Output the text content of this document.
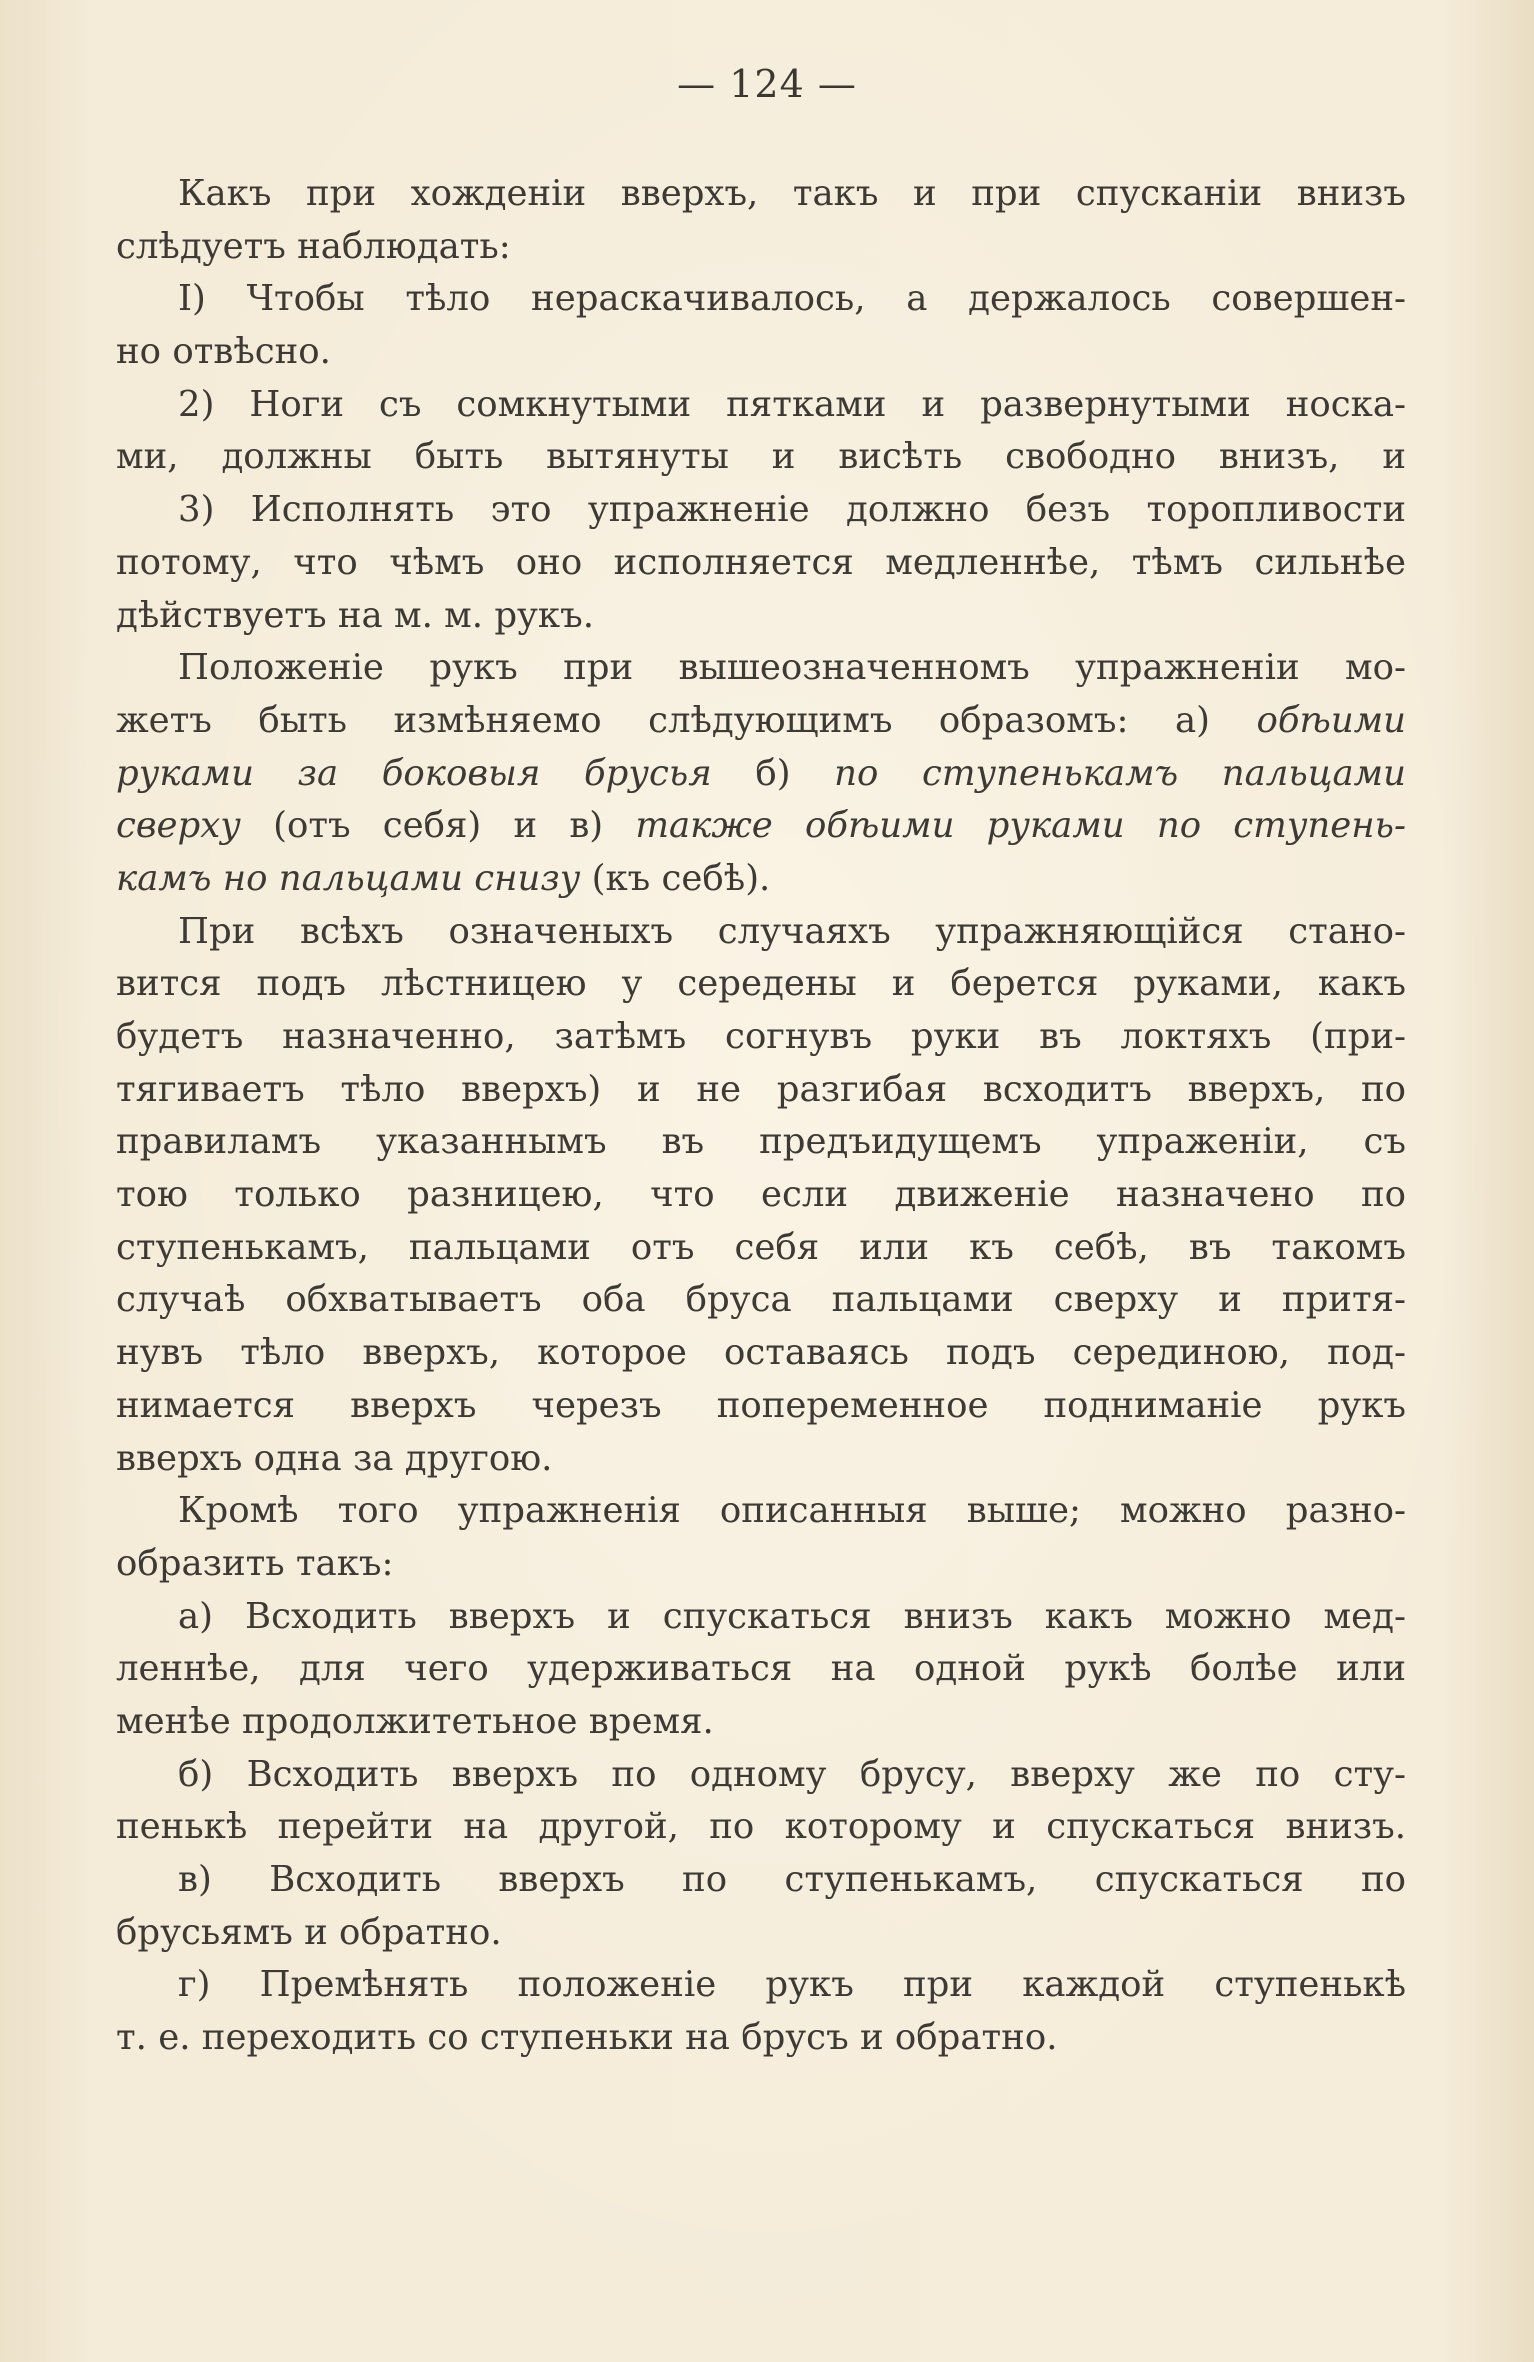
— 124 —
Какъ при хожденіи вверхъ, такъ и при спусканіи внизъ
слѣдуетъ наблюдать:
I) Чтобы тѣло нераскачивалось, а держалось совершен-
но отвѣсно.
2) Ноги съ сомкнутыми пятками и развернутыми носка-
ми, должны быть вытянуты и висѣть свободно внизъ, и
3) Исполнять это упражненіе должно безъ торопливости
потому, что чѣмъ оно исполняется медленнѣе, тѣмъ сильнѣе
дѣйствуетъ на м. м. рукъ.
Положеніе рукъ при вышеозначенномъ упражненіи мо-
жетъ быть измѣняемо слѣдующимъ образомъ: а) обѣими
руками за боковыя брусья б) по ступенькамъ пальцами
сверху (отъ себя) и в) также обѣими руками по ступень-
камъ но пальцами снизу (къ себѣ).
При всѣхъ означеныхъ случаяхъ упражняющійся стано-
вится подъ лѣстницею у середены и берется руками, какъ
будетъ назначенно, затѣмъ согнувъ руки въ локтяхъ (при-
тягиваетъ тѣло вверхъ) и не разгибая всходитъ вверхъ, по
правиламъ указаннымъ въ предъидущемъ упраженіи, съ
тою только разницею, что если движеніе назначено по
ступенькамъ, пальцами отъ себя или къ себѣ, въ такомъ
случаѣ обхватываетъ оба бруса пальцами сверху и притя-
нувъ тѣло вверхъ, которое оставаясь подъ серединою, под-
нимается вверхъ черезъ попеременное подниманіе рукъ
вверхъ одна за другою.
Кромѣ того упражненія описанныя выше; можно разно-
образить такъ:
а) Всходить вверхъ и спускаться внизъ какъ можно мед-
леннѣе, для чего удерживаться на одной рукѣ болѣе или
менѣе продолжитетьное время.
б) Всходить вверхъ по одному брусу, вверху же по сту-
пенькѣ перейти на другой, по которому и спускаться внизъ.
в) Всходить вверхъ по ступенькамъ, спускаться по
брусьямъ и обратно.
г) Премѣнять положеніе рукъ при каждой ступенькѣ
т. е. переходить со ступеньки на брусъ и обратно.
